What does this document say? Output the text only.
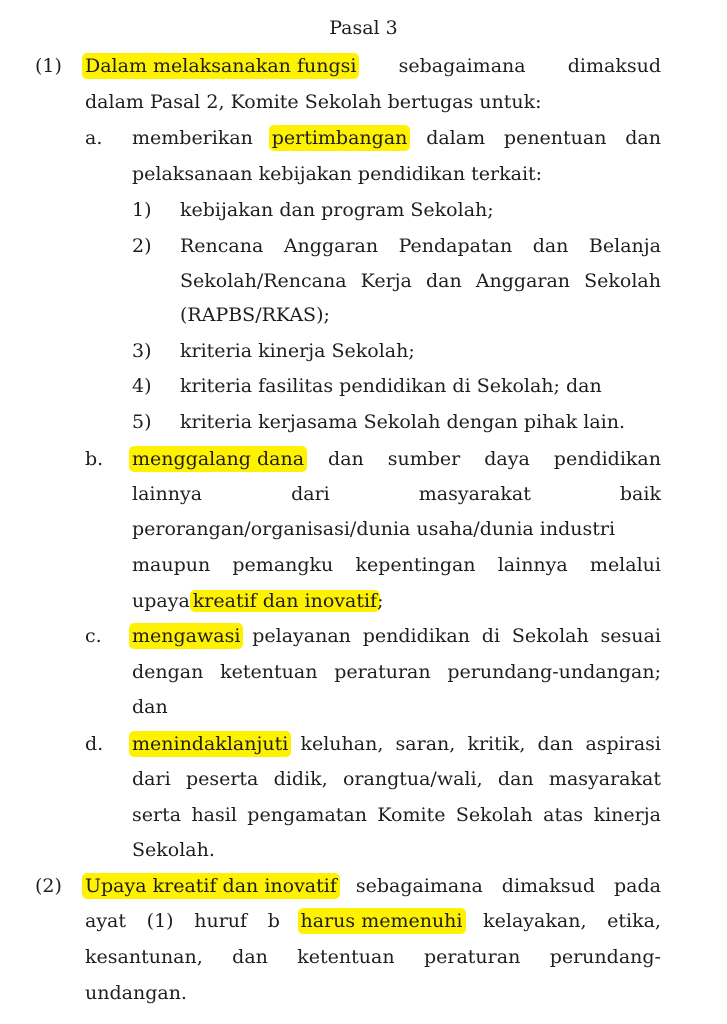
Pasal 3
(1) Dalam melaksanakan fungsi sebagaimana dimaksud
dalam Pasal 2, Komite Sekolah bertugas untuk:
a. memberikan pertimbangan dalam penentuan dan
pelaksanaan kebijakan pendidikan terkait:
1) kebijakan dan program Sekolah;
2) Rencana Anggaran Pendapatan dan Belanja
Sekolah/Rencana Kerja dan Anggaran Sekolah
(RAPBS/RKAS);
3) kriteria kinerja Sekolah;
4) kriteria fasilitas pendidikan di Sekolah; dan
5) kriteria kerjasama Sekolah dengan pihak lain.
b. menggalang dana dan sumber daya pendidikan
lainnya	dari	masyarakat	baik
perorangan/organisasi/dunia usaha/dunia industri
maupun pemangku kepentingan lainnya melalui
upaya kreatif dan inovatif;
c. mengawasi pelayanan pendidikan di Sekolah sesuai
dengan ketentuan peraturan perundang-undangan;
dan
d. menindaklanjuti keluhan, saran, kritik, dan aspirasi
dari peserta didik, orangtua/wali, dan masyarakat
serta hasil pengamatan Komite Sekolah atas kinerja
Sekolah.
(2) Upaya kreatif dan inovatif sebagaimana dimaksud pada
ayat (1) huruf b harus memenuhi kelayakan, etika,
kesantunan, dan ketentuan peraturan perundang-
undangan.
